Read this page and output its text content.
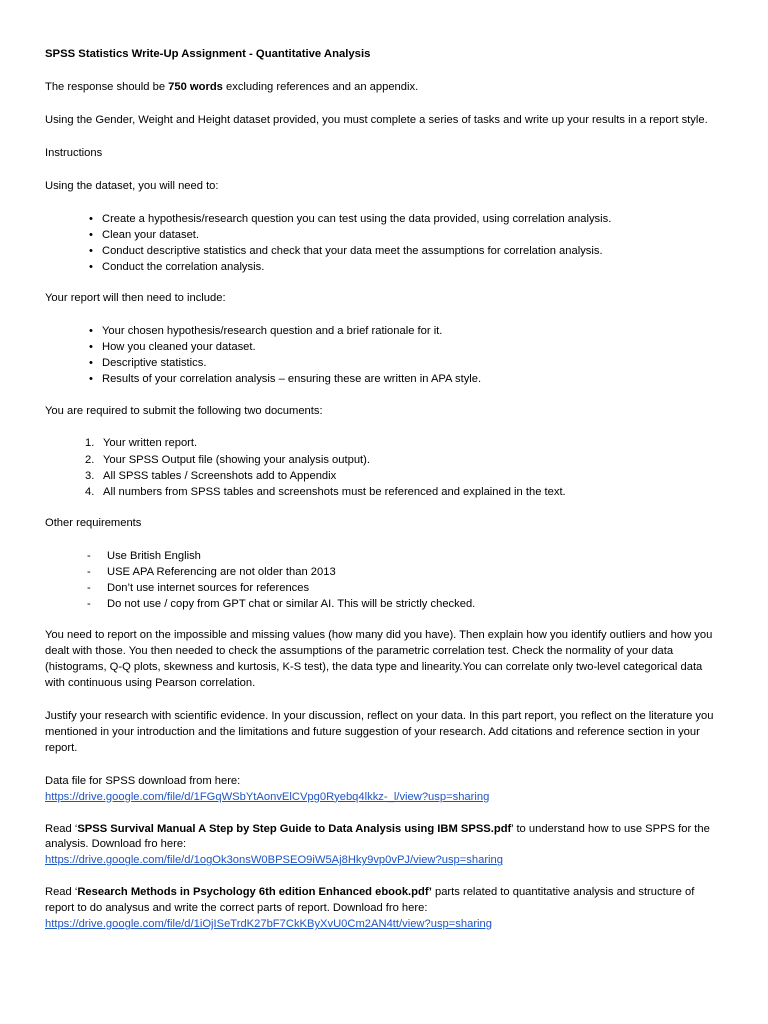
SPSS Statistics Write-Up Assignment - Quantitative Analysis

The response should be 750 words excluding references and an appendix.

Using the Gender, Weight and Height dataset provided, you must complete a series of tasks and write up your results in a report style.

Instructions

Using the dataset, you will need to:

• Create a hypothesis/research question you can test using the data provided, using correlation analysis.
• Clean your dataset.
• Conduct descriptive statistics and check that your data meet the assumptions for correlation analysis.
• Conduct the correlation analysis.

Your report will then need to include:

• Your chosen hypothesis/research question and a brief rationale for it.
• How you cleaned your dataset.
• Descriptive statistics.
• Results of your correlation analysis – ensuring these are written in APA style.

You are required to submit the following two documents:

1. Your written report.
2. Your SPSS Output file (showing your analysis output).
3. All SPSS tables / Screenshots add to Appendix
4. All numbers from SPSS tables and screenshots must be referenced and explained in the text.

Other requirements

- Use British English
- USE APA Referencing are not older than 2013
- Don’t use internet sources for references
- Do not use / copy from GPT chat or similar AI. This will be strictly checked.

You need to report on the impossible and missing values (how many did you have). Then explain how you identify outliers and how you dealt with those. You then needed to check the assumptions of the parametric correlation test. Check the normality of your data (histograms, Q-Q plots, skewness and kurtosis, K-S test), the data type and linearity.You can correlate only two-level categorical data with continuous using Pearson correlation.

Justify your research with scientific evidence. In your discussion, reflect on your data. In this part report, you reflect on the literature you mentioned in your introduction and the limitations and future suggestion of your research. Add citations and reference section in your report.

Data file for SPSS download from here:
https://drive.google.com/file/d/1FGqWSbYtAonvElCVpg0Ryebq4lkkz-_l/view?usp=sharing
Read ‘SPSS Survival Manual A Step by Step Guide to Data Analysis using IBM SPSS.pdf’ to understand how to use SPPS for the analysis. Download fro here:
https://drive.google.com/file/d/1ogOk3onsW0BPSEO9iW5Aj8Hky9vp0vPJ/view?usp=sharing
Read ‘Research Methods in Psychology 6th edition Enhanced ebook.pdf’ parts related to quantitative analysis and structure of report to do analysus and write the correct parts of report. Download fro here:
https://drive.google.com/file/d/1iOjISeTrdK27bF7CkKByXvU0Cm2AN4tt/view?usp=sharing
